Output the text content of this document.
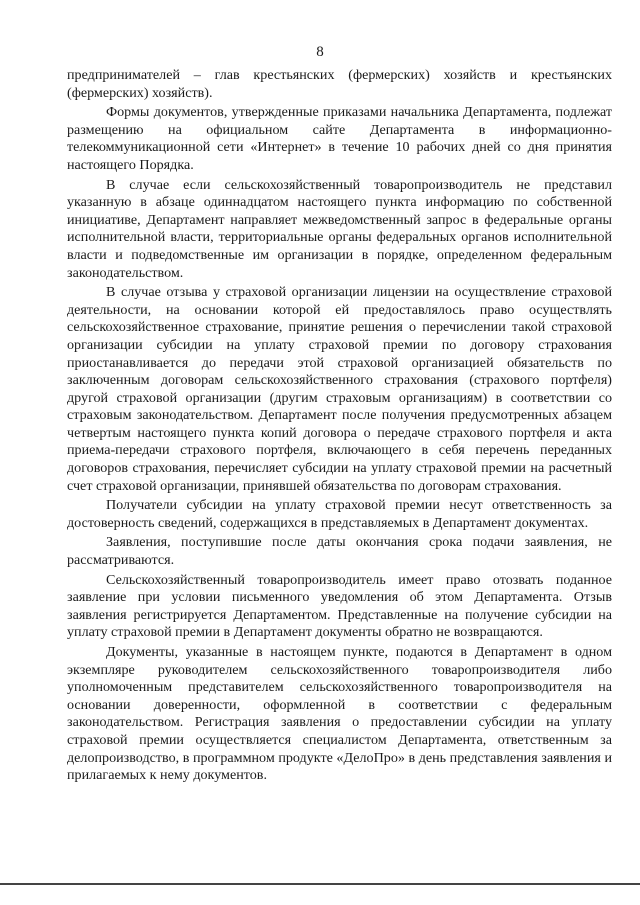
8

предпринимателей – глав крестьянских (фермерских) хозяйств и крестьянских (фермерских) хозяйств).

Формы документов, утвержденные приказами начальника Департамента, подлежат размещению на официальном сайте Департамента в информационно-телекоммуникационной сети «Интернет» в течение 10 рабочих дней со дня принятия настоящего Порядка.

В случае если сельскохозяйственный товаропроизводитель не представил указанную в абзаце одиннадцатом настоящего пункта информацию по собственной инициативе, Департамент направляет межведомственный запрос в федеральные органы исполнительной власти, территориальные органы федеральных органов исполнительной власти и подведомственные им организации в порядке, определенном федеральным законодательством.

В случае отзыва у страховой организации лицензии на осуществление страховой деятельности, на основании которой ей предоставлялось право осуществлять сельскохозяйственное страхование, принятие решения о перечислении такой страховой организации субсидии на уплату страховой премии по договору страхования приостанавливается до передачи этой страховой организацией обязательств по заключенным договорам сельскохозяйственного страхования (страхового портфеля) другой страховой организации (другим страховым организациям) в соответствии со страховым законодательством. Департамент после получения предусмотренных абзацем четвертым настоящего пункта копий договора о передаче страхового портфеля и акта приема-передачи страхового портфеля, включающего в себя перечень переданных договоров страхования, перечисляет субсидии на уплату страховой премии на расчетный счет страховой организации, принявшей обязательства по договорам страхования.

Получатели субсидии на уплату страховой премии несут ответственность за достоверность сведений, содержащихся в представляемых в Департамент документах.

Заявления, поступившие после даты окончания срока подачи заявления, не рассматриваются.

Сельскохозяйственный товаропроизводитель имеет право отозвать поданное заявление при условии письменного уведомления об этом Департамента. Отзыв заявления регистрируется Департаментом. Представленные на получение субсидии на уплату страховой премии в Департамент документы обратно не возвращаются.

Документы, указанные в настоящем пункте, подаются в Департамент в одном экземпляре руководителем сельскохозяйственного товаропроизводителя либо уполномоченным представителем сельскохозяйственного товаропроизводителя на основании доверенности, оформленной в соответствии с федеральным законодательством. Регистрация заявления о предоставлении субсидии на уплату страховой премии осуществляется специалистом Департамента, ответственным за делопроизводство, в программном продукте «ДелоПро» в день представления заявления и прилагаемых к нему документов.
